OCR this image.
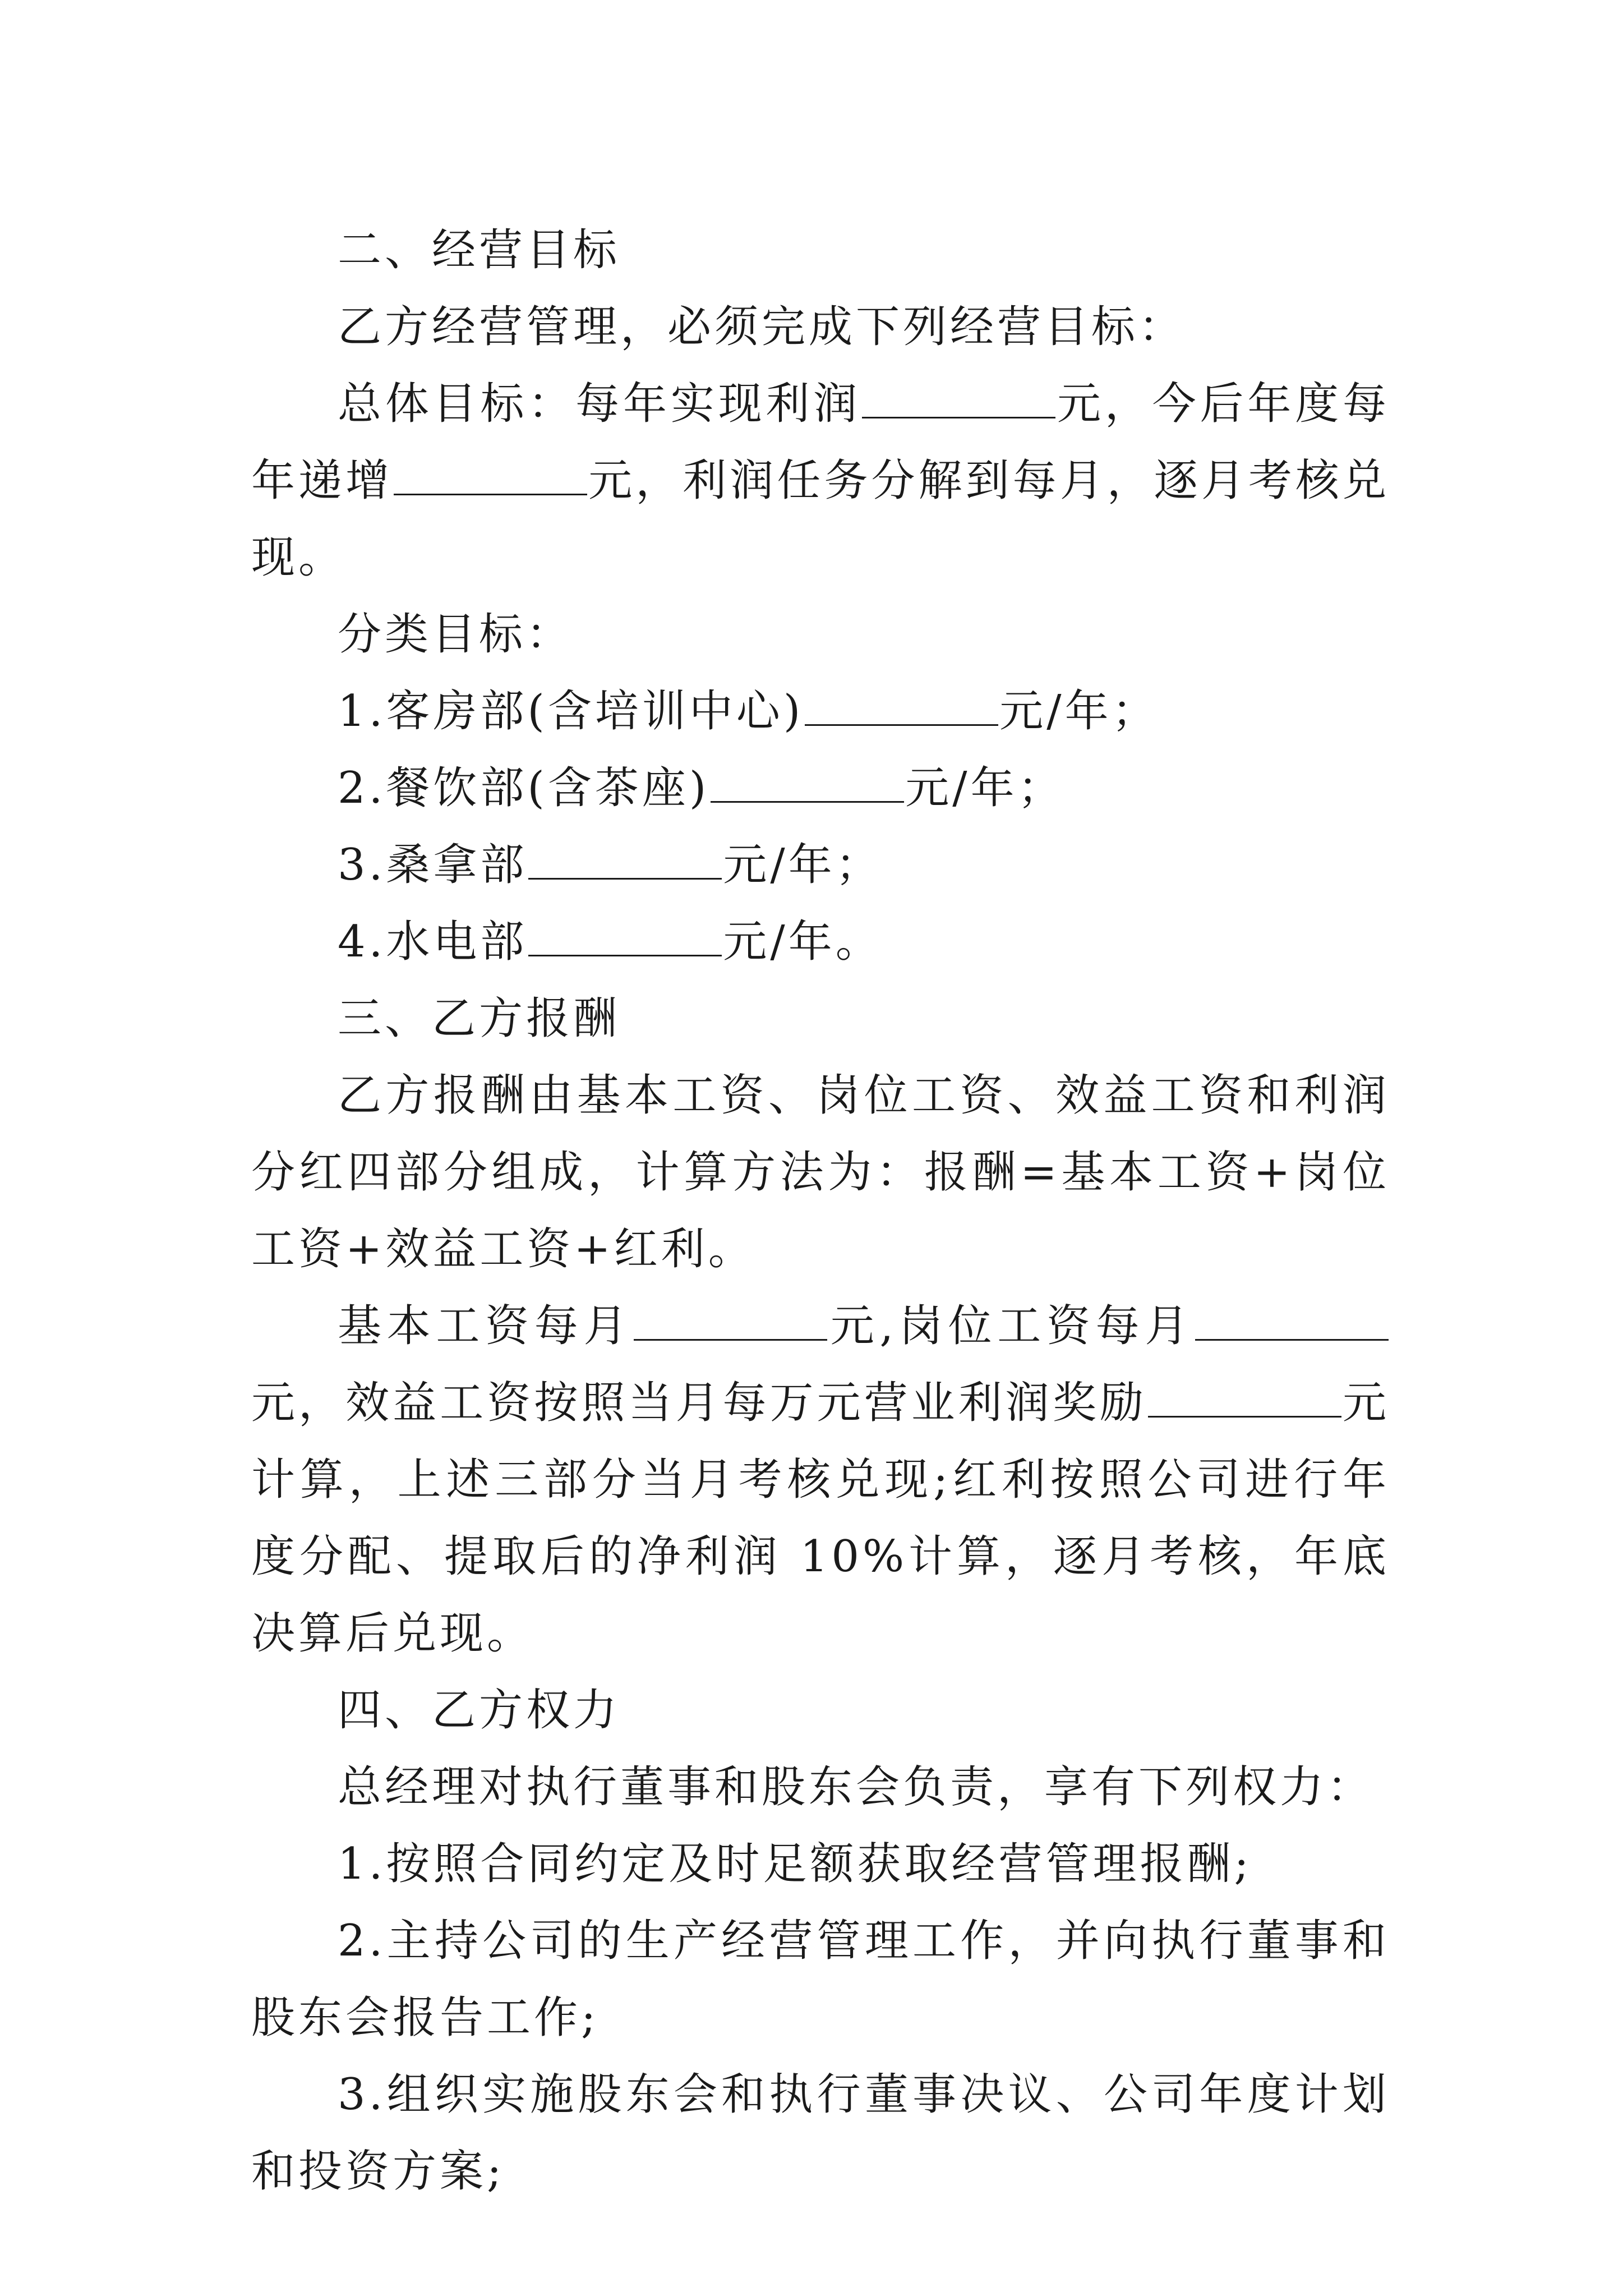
二、经营目标

乙方经营管理，必须完成下列经营目标：

总体目标：每年实现利润	元，今后年度每年递增	元，利润任务分解到每月，逐月考核兑现。

分类目标：

1.客房部(含培训中心)	元/年；

2.餐饮部(含茶座)	元/年；

3.桑拿部	元/年；

4.水电部	元/年。

三、乙方报酬

乙方报酬由基本工资、岗位工资、效益工资和利润分红四部分组成，计算方法为：报酬=基本工资+岗位工资+效益工资+红利。

基本工资每月	元,岗位工资每月元，效益工资按照当月每万元营业利润奖励	元计算，上述三部分当月考核兑现;红利按照公司进行年度分配、提取后的净利润 10%计算，逐月考核，年底决算后兑现。

四、乙方权力

总经理对执行董事和股东会负责，享有下列权力：

1.按照合同约定及时足额获取经营管理报酬;

2.主持公司的生产经营管理工作，并向执行董事和股东会报告工作;

3.组织实施股东会和执行董事决议、公司年度计划和投资方案;
